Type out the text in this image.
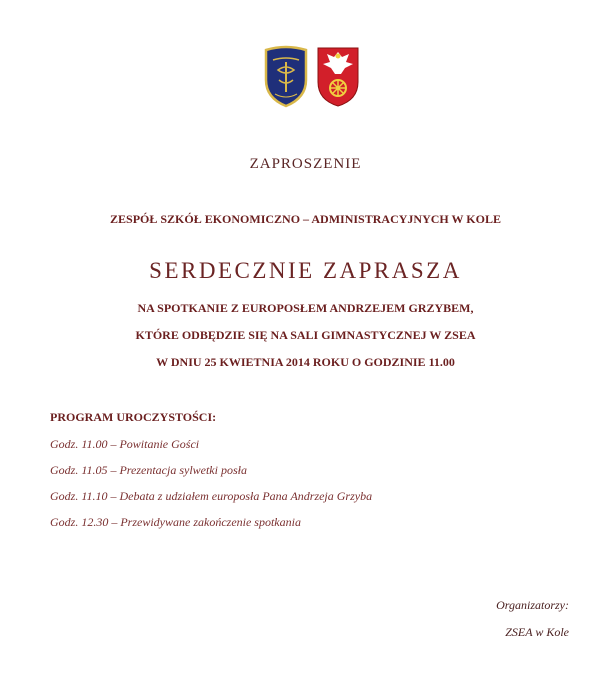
ZAPROSZENIE

ZESPÓŁ SZKÓŁ EKONOMICZNO – ADMINISTRACYJNYCH W KOLE

SERDECZNIE ZAPRASZA

NA SPOTKANIE Z EUROPOSŁEM ANDRZEJEM GRZYBEM,
KTÓRE ODBĘDZIE SIĘ NA SALI GIMNASTYCZNEJ W ZSEA
W DNIU 25 KWIETNIA 2014 ROKU O GODZINIE 11.00
PROGRAM UROCZYSTOŚCI:
Godz. 11.00 – Powitanie Gości
Godz. 11.05 – Prezentacja sylwetki posła
Godz. 11.10 – Debata z udziałem europosła Pana Andrzeja Grzyba
Godz. 12.30 – Przewidywane zakończenie spotkania
Organizatorzy:
ZSEA w Kole
